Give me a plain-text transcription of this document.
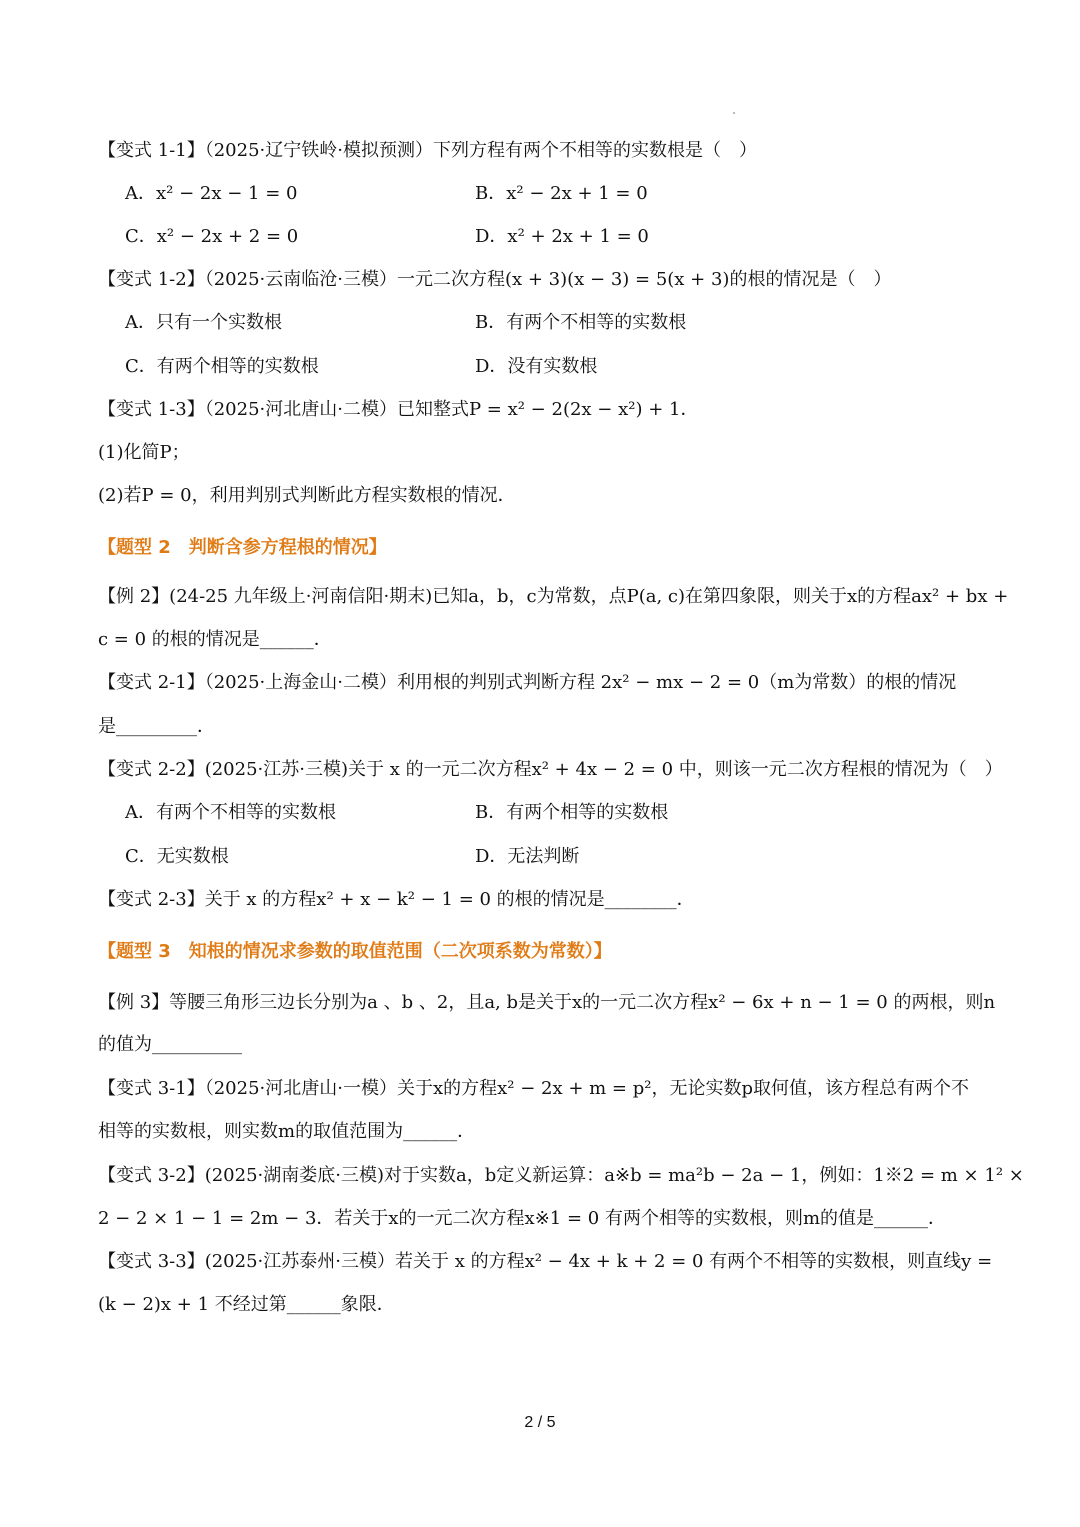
【变式 1-1】（2025·辽宁铁岭·模拟预测）下列方程有两个不相等的实数根是（　）
A．x² − 2x − 1 = 0	B．x² − 2x + 1 = 0
C．x² − 2x + 2 = 0	D．x² + 2x + 1 = 0
【变式 1-2】（2025·云南临沧·三模）一元二次方程(x + 3)(x − 3) = 5(x + 3)的根的情况是（　）
A．只有一个实数根	B．有两个不相等的实数根
C．有两个相等的实数根	D．没有实数根
【变式 1-3】（2025·河北唐山·二模）已知整式P = x² − 2(2x − x²) + 1．
(1)化简P；
(2)若P = 0，利用判别式判断此方程实数根的情况．
【题型 2　判断含参方程根的情况】
【例 2】(24-25 九年级上·河南信阳·期末)已知a，b，c为常数，点P(a, c)在第四象限，则关于x的方程ax² + bx +
c = 0 的根的情况是______．
【变式 2-1】（2025·上海金山·二模）利用根的判别式判断方程 2x² − mx − 2 = 0（m为常数）的根的情况
是_________．
【变式 2-2】(2025·江苏·三模)关于 x 的一元二次方程x² + 4x − 2 = 0 中，则该一元二次方程根的情况为（　）
A．有两个不相等的实数根	B．有两个相等的实数根
C．无实数根	D．无法判断
【变式 2-3】关于 x 的方程x² + x − k² − 1 = 0 的根的情况是________．
【题型 3　知根的情况求参数的取值范围（二次项系数为常数）】
【例 3】等腰三角形三边长分别为a 、b 、2，且a, b是关于x的一元二次方程x² − 6x + n − 1 = 0 的两根，则n
的值为__________
【变式 3-1】（2025·河北唐山·一模）关于x的方程x² − 2x + m = p²，无论实数p取何值，该方程总有两个不
相等的实数根，则实数m的取值范围为______．
【变式 3-2】(2025·湖南娄底·三模)对于实数a，b定义新运算：a※b = ma²b − 2a − 1，例如：1※2 = m × 1² ×
2 − 2 × 1 − 1 = 2m − 3．若关于x的一元二次方程x※1 = 0 有两个相等的实数根，则m的值是______．
【变式 3-3】(2025·江苏泰州·三模）若关于 x 的方程x² − 4x + k + 2 = 0 有两个不相等的实数根，则直线y =
(k − 2)x + 1 不经过第______象限．
2 / 5
